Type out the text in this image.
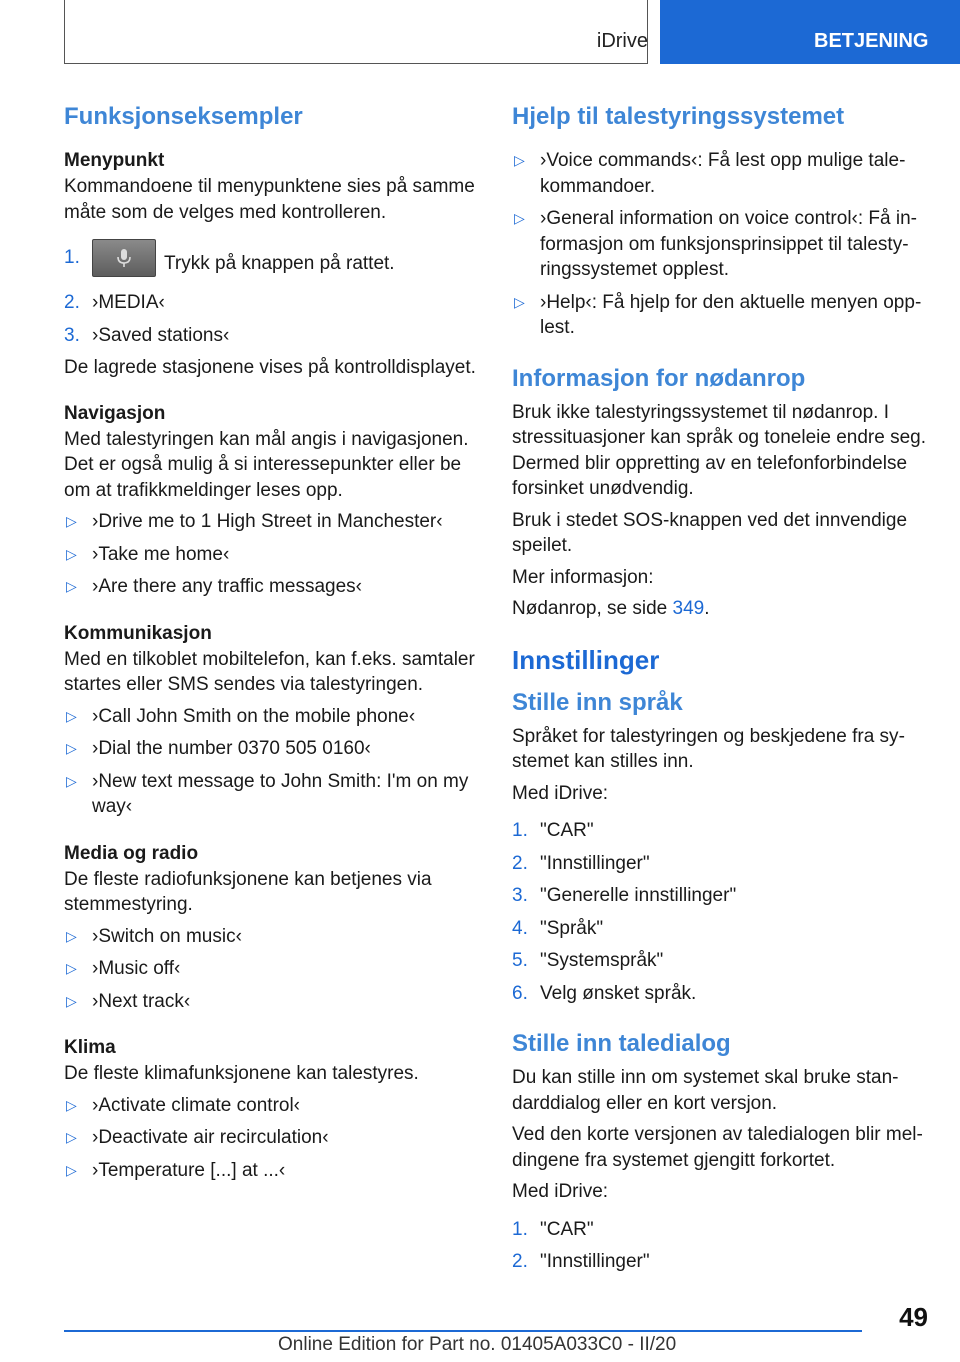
iDrive	BETJENING
Funksjonseksempler
Menypunkt

Kommandoene til menypunktene sies på samme måte som de velges med kontrolleren.

1.	Trykk på knappen på rattet.
2. ›MEDIA‹
3. ›Saved stations‹

De lagrede stasjonene vises på kontrolldisplayet.

Navigasjon

Med talestyringen kan mål angis i navigasjonen. Det er også mulig å si interessepunkter eller be om at trafikkmeldinger leses opp.

▷ ›Drive me to 1 High Street in Manchester‹
▷ ›Take me home‹
▷ ›Are there any traffic messages‹
Kommunikasjon

Med en tilkoblet mobiltelefon, kan f.eks. samtaler startes eller SMS sendes via talestyringen.

▷ ›Call John Smith on the mobile phone‹
▷ ›Dial the number 0370 505 0160‹
▷ ›New text message to John Smith: I'm on my way‹
Media og radio

De fleste radiofunksjonene kan betjenes via stemmestyring.

▷ ›Switch on music‹
▷ ›Music off‹
▷ ›Next track‹
Klima

De fleste klimafunksjonene kan talestyres.

▷ ›Activate climate control‹
▷ ›Deactivate air recirculation‹
▷ ›Temperature [...] at ...‹
Hjelp til talestyringssystemet
▷ ›Voice commands‹: Få lest opp mulige talekommandoer.
▷ ›General information on voice control‹: Få informasjon om funksjonsprinsippet til talestyringssystemet opplest.
▷ ›Help‹: Få hjelp for den aktuelle menyen opplest.
Informasjon for nødanrop

Bruk ikke talestyringssystemet til nødanrop. I stressituasjoner kan språk og toneleie endre seg. Dermed blir oppretting av en telefonforbindelse forsinket unødvendig.

Bruk i stedet SOS-knappen ved det innvendige speilet.

Mer informasjon:

Nødanrop, se side 349.

Innstillinger
Stille inn språk

Språket for talestyringen og beskjedene fra systemet kan stilles inn.

Med iDrive:

1. "CAR"
2. "Innstillinger"
3. "Generelle innstillinger"
4. "Språk"
5. "Systemspråk"
6. Velg ønsket språk.
Stille inn taledialog

Du kan stille inn om systemet skal bruke standarddialog eller en kort versjon.

Ved den korte versjonen av taledialogen blir meldingene fra systemet gjengitt forkortet.

Med iDrive:

1. "CAR"
2. "Innstillinger"
49
Online Edition for Part no. 01405A033C0 - II/20
